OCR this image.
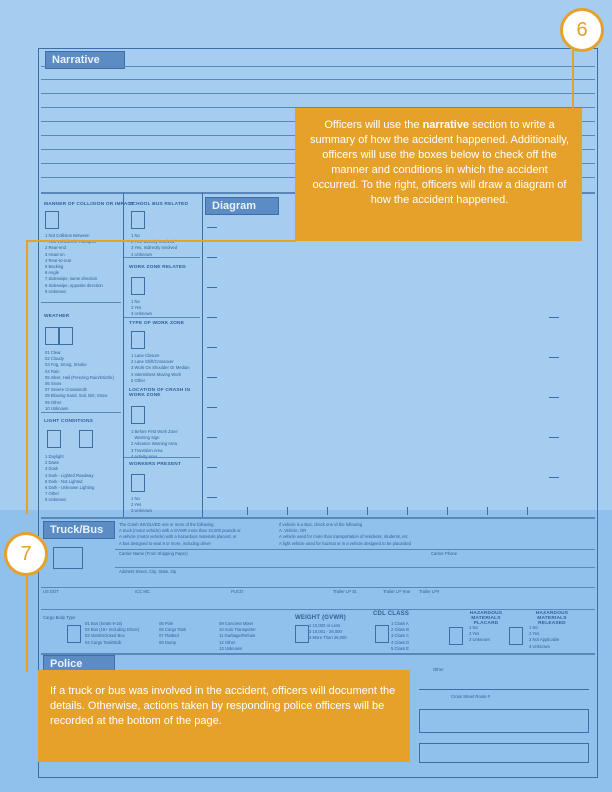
Narrative
MANNER OF COLLISION OR IMPACT
1 Not Collision Between

2 Rear-end
3 Head-on
4 Rear-to-rear
5 Backing
6 Angle
7 Sideswipe, same direction
8 Sideswipe, opposite direction
9 Unknown
WEATHER
01 Clear
02 Cloudy
03 Fog, Smog, Smoke
04 Rain
05 Sleet, Hail (Freezing Rain/Drizzle)
06 Snow
07 Severe Crosswinds
08 Blowing Sand, Soil, Dirt, Snow
09 Other
10 Unknown
LIGHT CONDITIONS
1 Daylight
2 Dawn
3 Dusk
4 Dark - Lighted Roadway
5 Dark - Not Lighted
6 Dark - Unknown Lighting
7 Other
8 Unknown
SCHOOL BUS RELATED
1 No

3 Yes, Indirectly Involved
4 Unknown
WORK ZONE RELATED
1 No
2 Yes
3 Unknown
TYPE OF WORK ZONE
1 Lane Closure
2 Lane Shift/Crossover
3 Work On Shoulder Or Median
4 Intermittent Moving Work
5 Other
LOCATION OF CRASH IN WORK ZONE
1 Before First Work Zone
Warning Sign
2 Advance Warning Area
3 Transition Area

WORKERS PRESENT
1 No
2 Yes
3 Unknown
Diagram
Truck/Bus	The Crash INVOLVED one or more of the following:
A truck (motor vehicle) with a GVWR more than 10,000 pounds or
A vehicle (motor vehicle) with a hazardous materials placard, or
A bus designed to seat 9 or more, including driver
If vehicle is a Bus, check one of the following
A. Vehicle, OR
A vehicle used for more than transportation of residents, students, etc
A light vehicle used for hazmat or in a vehicle designed to be placarded
Carrier Name (From Shipping Paper)	Carrier Phone
Address Street, City, State, Zip
US DOT	ICC MC	PUCO	Trailer LP St.	Trailer LP Year Trailer LP#
Cargo Body Type
01 Bus (Seats 9-15)
02 Bus (16+ Including Driver)
03 Van/Enclosed Box
04 Cargo Tank/Bulk
05 Pole
06 Cargo Tank
07 Flatbed
08 Dump
09 Concrete Mixer
10 Auto Transporter
11 Garbage/Refuse
12 Other
13 Unknown
WEIGHT (GVWR)
1 10,000 or Less
2 10,001 - 26,000
3 More Than 26,000
CDL CLASS
1 Class A
2 Class B
3 Class C
4 Class D
5 Class E
HAZARDOUS MATERIALS PLACARD
1 No
2 Yes
3 Unknown
HAZARDOUS MATERIALS RELEASED
1 No
2 Yes
3 Not Applicable
4 Unknown
Police	Other
Cross Street Route #
6
Officers will use the narrative section to write a summary of how the accident happened. Additionally, officers will use the boxes below to check off the manner and conditions in which the accident occurred. To the right, officers will draw a diagram of how the accident happened.
7
If a truck or bus was involved in the accident, officers will document the details. Otherwise, actions taken by responding police officers will be recorded at the bottom of the page.
